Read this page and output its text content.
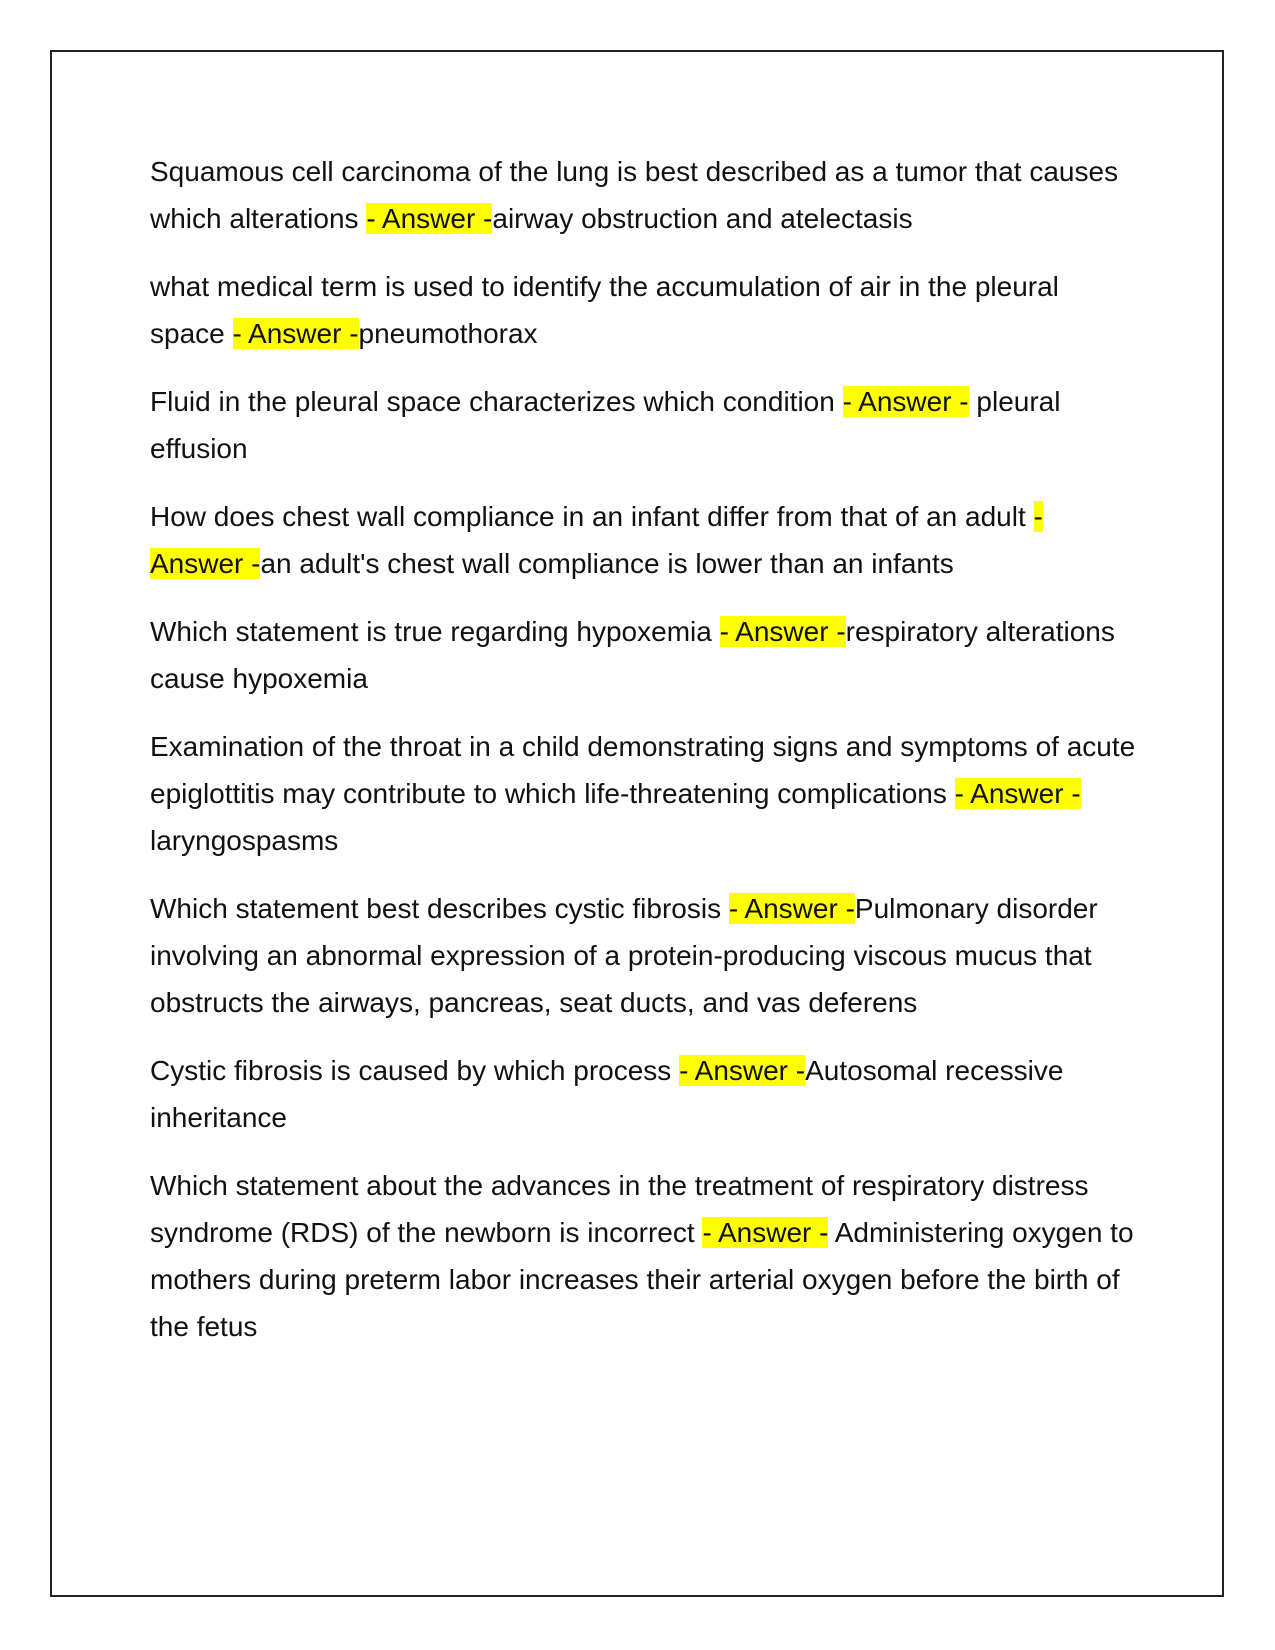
Squamous cell carcinoma of the lung is best described as a tumor that causes which alterations - Answer -airway obstruction and atelectasis

what medical term is used to identify the accumulation of air in the pleural space - Answer -pneumothorax

Fluid in the pleural space characterizes which condition - Answer - pleural effusion

How does chest wall compliance in an infant differ from that of an adult - Answer -an adult's chest wall compliance is lower than an infants

Which statement is true regarding hypoxemia - Answer -respiratory alterations cause hypoxemia

Examination of the throat in a child demonstrating signs and symptoms of acute epiglottitis may contribute to which life-threatening complications - Answer -laryngospasms

Which statement best describes cystic fibrosis - Answer -Pulmonary disorder involving an abnormal expression of a protein-producing viscous mucus that obstructs the airways, pancreas, seat ducts, and vas deferens

Cystic fibrosis is caused by which process - Answer -Autosomal recessive inheritance

Which statement about the advances in the treatment of respiratory distress syndrome (RDS) of the newborn is incorrect - Answer - Administering oxygen to mothers during preterm labor increases their arterial oxygen before the birth of the fetus
